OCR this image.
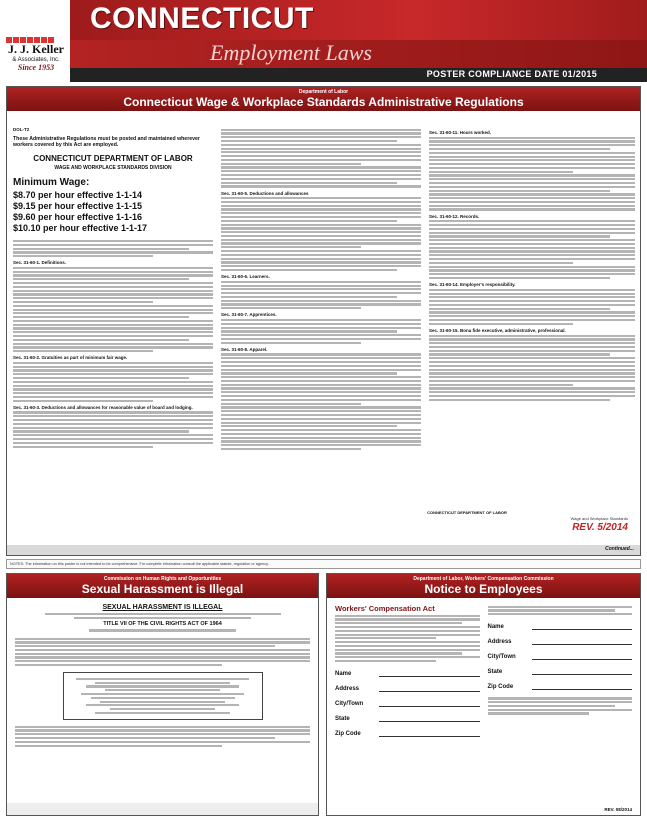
J. J. Keller
& Associates, Inc.
Since 1953
CONNECTICUT
Employment Laws
POSTER COMPLIANCE DATE 01/2015
Department of Labor
Connecticut Wage & Workplace Standards Administrative Regulations
DOL-T2
These Administrative Regulations must be posted and maintained wherever workers covered by this Act are employed.
CONNECTICUT DEPARTMENT OF LABOR
WAGE AND WORKPLACE STANDARDS DIVISION
Minimum Wage:
$8.70 per hour effective 1-1-14
$9.15 per hour effective 1-1-15
$9.60 per hour effective 1-1-16
$10.10 per hour effective 1-1-17
Sec. 31-60-1. Definitions.
Sec. 31-60-2. Gratuities as part of minimum fair wage.
Sec. 31-60-3. Deductions and allowances for reasonable value of board and lodging.
Sec. 31-60-5. Deductions and allowances
Sec. 31-60-6. Learners.
Sec. 31-60-7. Apprentices.
Sec. 31-60-8. Apparel.
Sec. 31-60-11. Hours worked.
Sec. 31-60-12. Records.
Sec. 31-60-14. Employer's responsibility.
Sec. 31-60-15. Bona fide executive, administrative, professional.
CONNECTICUT DEPARTMENT OF LABOR
Wage and Workplace Standards
REV. 5/2014
Continued...
NOTES: The information on this poster is not intended to be comprehensive. For complete information consult the applicable statute, regulation or agency.
Commission on Human Rights and Opportunities
Sexual Harassment is Illegal
SEXUAL HARASSMENT IS ILLEGAL
TITLE VII OF THE CIVIL RIGHTS ACT OF 1964
Department of Labor, Workers' Compensation Commission
Notice to Employees
Workers' Compensation Act
Name
Address
City/Town
State
Zip Code
Name
Address
City/Town
State
Zip Code
REV. 08/2014
